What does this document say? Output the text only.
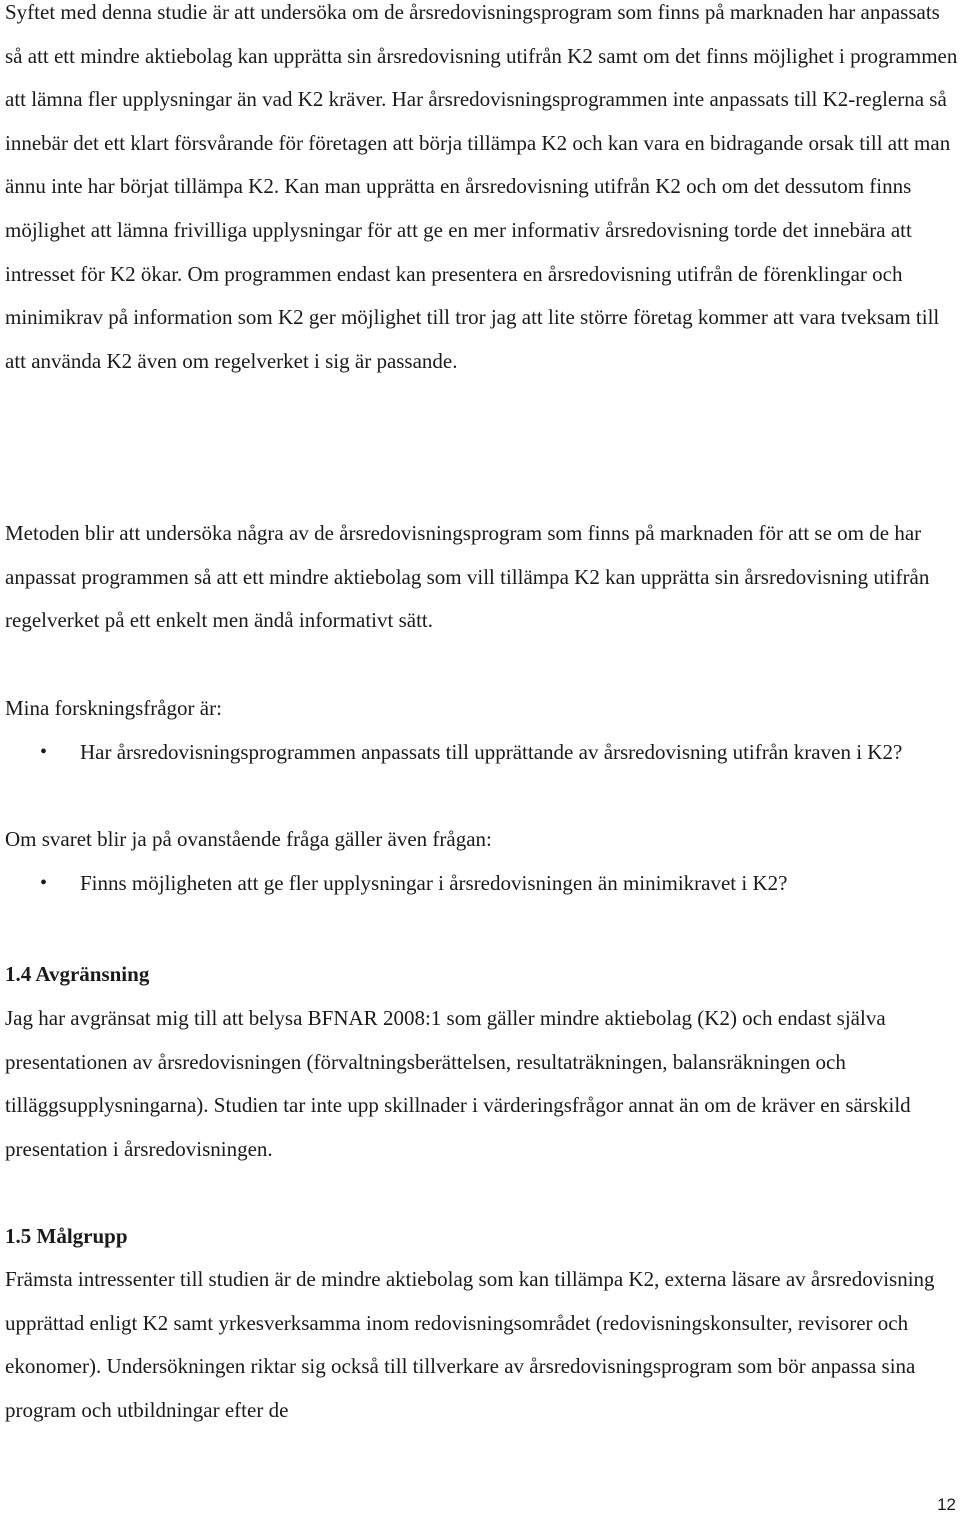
Syftet med denna studie är att undersöka om de årsredovisningsprogram som finns på marknaden har anpassats så att ett mindre aktiebolag kan upprätta sin årsredovisning utifrån K2 samt om det finns möjlighet i programmen att lämna fler upplysningar än vad K2 kräver. Har årsredovisningsprogrammen inte anpassats till K2-reglerna så innebär det ett klart försvårande för företagen att börja tillämpa K2 och kan vara en bidragande orsak till att man ännu inte har börjat tillämpa K2. Kan man upprätta en årsredovisning utifrån K2 och om det dessutom finns möjlighet att lämna frivilliga upplysningar för att ge en mer informativ årsredovisning torde det innebära att intresset för K2 ökar. Om programmen endast kan presentera en årsredovisning utifrån de förenklingar och minimikrav på information som K2 ger möjlighet till tror jag att lite större företag kommer att vara tveksam till att använda K2 även om regelverket i sig är passande.

Metoden blir att undersöka några av de årsredovisningsprogram som finns på marknaden för att se om de har anpassat programmen så att ett mindre aktiebolag som vill tillämpa K2 kan upprätta sin årsredovisning utifrån regelverket på ett enkelt men ändå informativt sätt.

Mina forskningsfrågor är:

•	Har årsredovisningsprogrammen anpassats till upprättande av årsredovisning utifrån kraven i K2?

Om svaret blir ja på ovanstående fråga gäller även frågan:

•	Finns möjligheten att ge fler upplysningar i årsredovisningen än minimikravet i K2?
1.4 Avgränsning

Jag har avgränsat mig till att belysa BFNAR 2008:1 som gäller mindre aktiebolag (K2) och endast själva presentationen av årsredovisningen (förvaltningsberättelsen, resultaträkningen, balansräkningen och tilläggsupplysningarna). Studien tar inte upp skillnader i värderingsfrågor annat än om de kräver en särskild presentation i årsredovisningen.

1.5 Målgrupp

Främsta intressenter till studien är de mindre aktiebolag som kan tillämpa K2, externa läsare av årsredovisning upprättad enligt K2 samt yrkesverksamma inom redovisningsområdet (redovisningskonsulter, revisorer och ekonomer). Undersökningen riktar sig också till tillverkare av årsredovisningsprogram som bör anpassa sina program och utbildningar efter de

12
